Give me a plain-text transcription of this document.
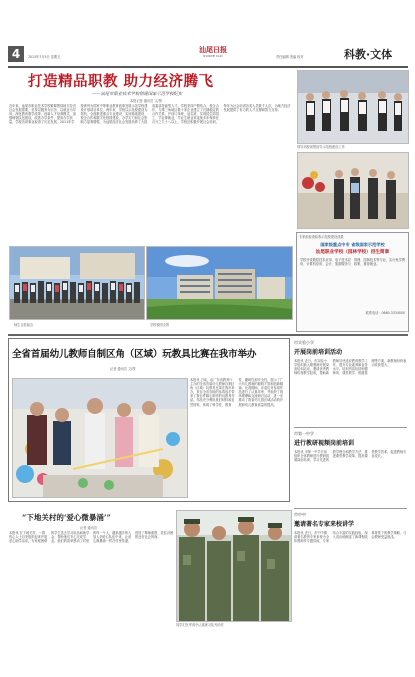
4	2013年7月5日 星期五
汕尾日报
SHANWEI DAILY	责任编辑 美编 校对	科教·文体
打造精品职教 助力经济腾飞
——汕尾市职业技术学校创建国家示范学校纪实
本报记者 通讯员 文/图
近年来，汕尾市职业技术学校紧紧围绕地方经济社会发展需要，坚持以服务为宗旨、以就业为导向，深化教育教学改革，创新人才培养模式，加强师资队伍建设，改善办学条件，提高办学质量，学校各项事业取得了长足发展。2011年学校被列为国家中等职业教育改革发展示范学校建设计划项目单位，两年来，学校以示范校建设为契机，全面推进重点专业建设、实训基地建设、校企合作和数字化校园建设，办学实力和社会影响力显著增强，为汕尾经济社会发展培养了大批高素质技能型人才。学校坚持产教结合、校企合作，与珠三角地区数十家企业建立了长期稳定的合作关系，开设订单班、冠名班，实现招生即招工、毕业即就业，毕业生就业率连续多年保持在百分之九十八以上。学校还积极开展社会培训，每年为社会培训各类人员数千人次，为地方经济发展提供了有力的人才支撑和智力支持。
领导到校视察指导示范校建设工作
师生合影留念	学校校园全景
专家组检查验收示范校建设成果
国家级重点中专 省级国家示范学校
汕尾职业学校（园林学校）招生简章
学校开设数控技术应用、电子技术应用、计算机应用、会计、旅游服务与管理、园林技术等专业，实行免学费政策，推荐就业。
联系电话：0660-3334000
全省首届幼儿教师自制区角（区域）玩教具比赛在我市举办
记者 通讯员 文/图
本报讯 日前，由广东省教育厅主办的全省首届幼儿教师自制区角（区域）玩教具比赛在我市举办，来自全省各地的参赛选手带来了数百件精心制作的玩教具作品。作品充分利用废旧材料和自然材料，体现了科学性、教育性、趣味性和安全性，展示了广大幼儿教师的聪明才智和创新精神。比赛期间，评委们对参赛作品进行了认真评审，并组织了现场观摩和交流研讨活动，进一步推动了我省幼儿园区域活动的开展和幼儿教育质量的提高。
市实验小学
开展岗前培训活动
本报讯 近日，市实验小学组织新入职教师开展岗前培训活动，邀请优秀教师传授教学经验，帮助新教师尽快适应教育教学工作，提升专业素养和业务水平。培训内容包括师德师风、课堂教学、班级管理等方面，新教师纷纷表示收获很大。
市第一中学
进行教研视频岗前培训
本报讯 市第一中学日前组织全体教师进行教研视频岗前培训，学习先进的教学理念和教学方法，推进课堂教学改革，提高课堂教学效率，促进教师专业成长。
市中中
邀请著名专家来校讲学
本报讯 近日，市中中邀请著名教育专家来校为全体教师作专题讲座，专家结合丰富的实践经验，深入浅出地阐述了新课程改革背景下的教学策略，与会教师受益匪浅。
“下地关村的‘爱心微暴涌’”
记者 通讯员
本报讯 在下地关村，一群热心人士自发组织起来开展爱心助学活动，为家庭困难的学生送去学习用品和助学金，帮助他们安心完成学业。他们的善举感动了村里的每一个人，越来越多的人加入到爱心队伍中来，让爱心像暴涌一样在村里传递，营造了尊师重教、扶贫济困的良好社会风尚。
同学们在军训中认真练习队列动作
